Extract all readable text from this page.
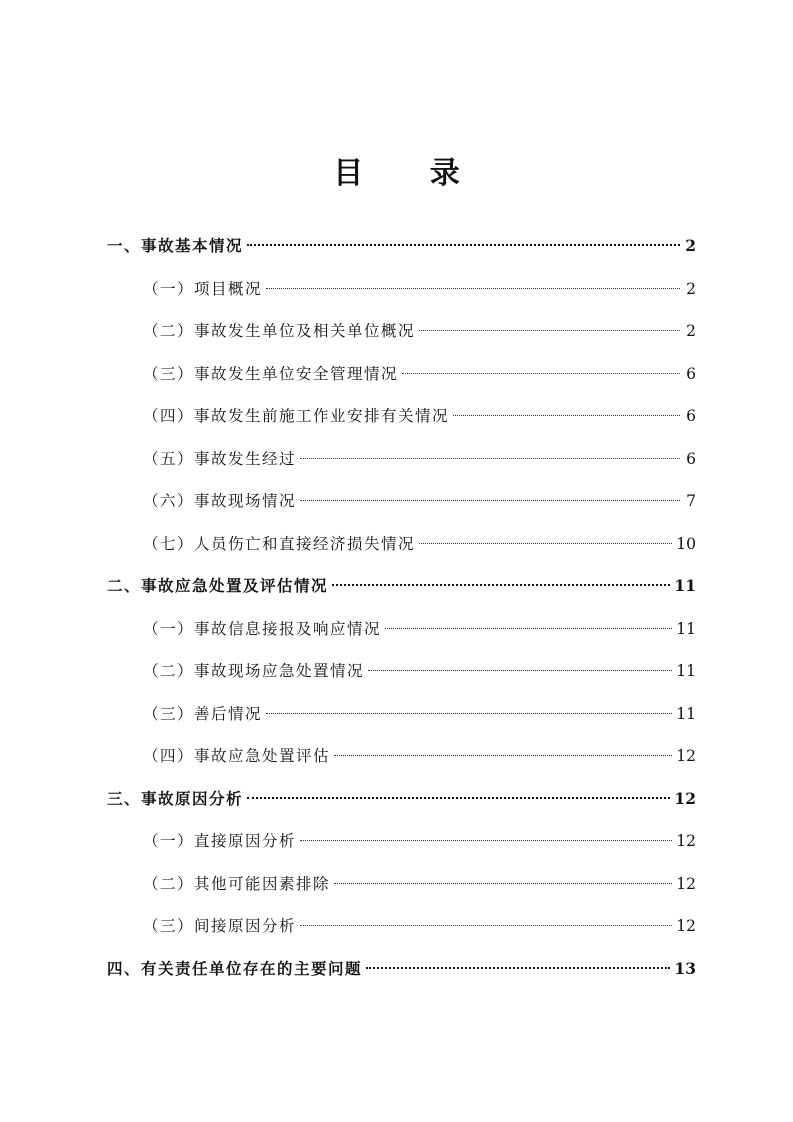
目 录
一、事故基本情况	2
（一）项目概况	2
（二）事故发生单位及相关单位概况	2
（三）事故发生单位安全管理情况	6
（四）事故发生前施工作业安排有关情况	6
（五）事故发生经过	6
（六）事故现场情况	7
（七）人员伤亡和直接经济损失情况	10
二、事故应急处置及评估情况	11
（一）事故信息接报及响应情况	11
（二）事故现场应急处置情况	11
（三）善后情况	11
（四）事故应急处置评估	12
三、事故原因分析	12
（一）直接原因分析	12
（二）其他可能因素排除	12
（三）间接原因分析	12
四、有关责任单位存在的主要问题	13
